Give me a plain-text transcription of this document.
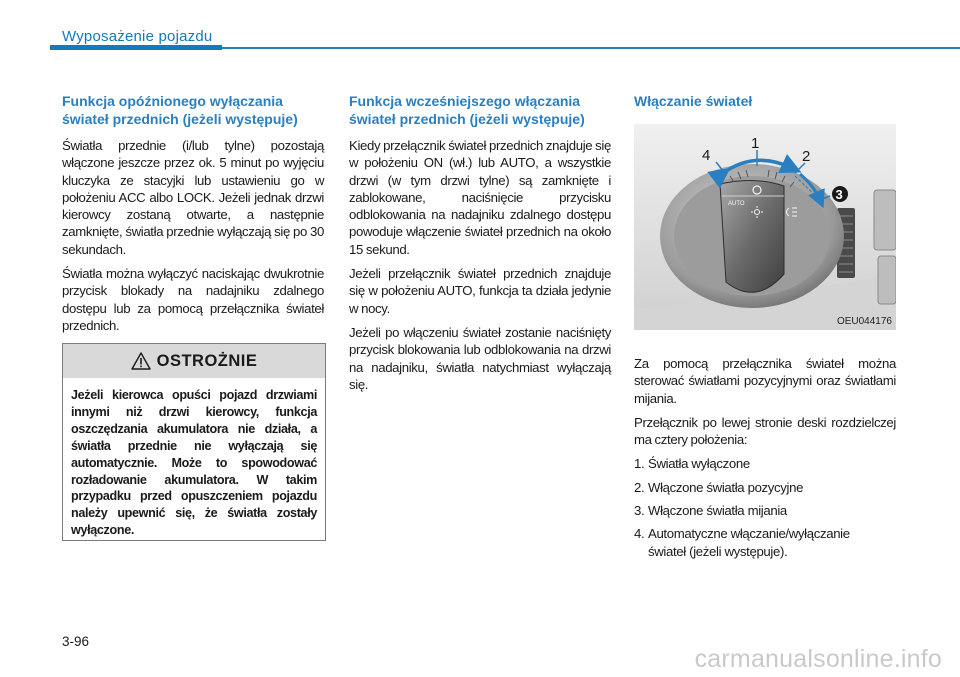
Wyposażenie pojazdu
Funkcja opóźnionego wyłączania świateł przednich (jeżeli występuje)

Światła przednie (i/lub tylne) pozostają włączone jeszcze przez ok. 5 minut po wyjęciu kluczyka ze stacyjki lub ustawieniu go w położeniu ACC albo LOCK. Jeżeli jednak drzwi kierowcy zostaną otwarte, a następnie zamknięte, światła przednie wyłączają się po 30 sekundach.

Światła można wyłączyć naciskając dwukrotnie przycisk blokady na nadajniku zdalnego dostępu lub za pomocą przełącznika świateł przednich.

OSTROŻNIE
Jeżeli kierowca opuści pojazd drzwiami innymi niż drzwi kierowcy, funkcja oszczędzania akumulatora nie działa, a światła przednie nie wyłączają się automatycznie. Może to spowodować rozładowanie akumulatora. W takim przypadku przed opuszczeniem pojazdu należy upewnić się, że światła zostały wyłączone.
Funkcja wcześniejszego włączania świateł przednich (jeżeli występuje)

Kiedy przełącznik świateł przednich znajduje się w położeniu ON (wł.) lub AUTO, a wszystkie drzwi (w tym drzwi tylne) są zamknięte i zablokowane, naciśnięcie przycisku odblokowania na nadajniku zdalnego dostępu powoduje włączenie świateł przednich na około 15 sekund.

Jeżeli przełącznik świateł przednich znajduje się w położeniu AUTO, funkcja ta działa jedynie w nocy.

Jeżeli po włączeniu świateł zostanie naciśnięty przycisk blokowania lub odblokowania na drzwi na nadajniku, światła natychmiast wyłączają się.

Włączanie świateł
AUTO
1
2
3
4
OEU044176

Za pomocą przełącznika świateł można sterować światłami pozycyjnymi oraz światłami mijania.

Przełącznik po lewej stronie deski rozdzielczej ma cztery położenia:

1. Światła wyłączone
2. Włączone światła pozycyjne
3. Włączone światła mijania
4. Automatyczne włączanie/wyłączanie
świateł (jeżeli występuje).
3-96
carmanualsonline.info
